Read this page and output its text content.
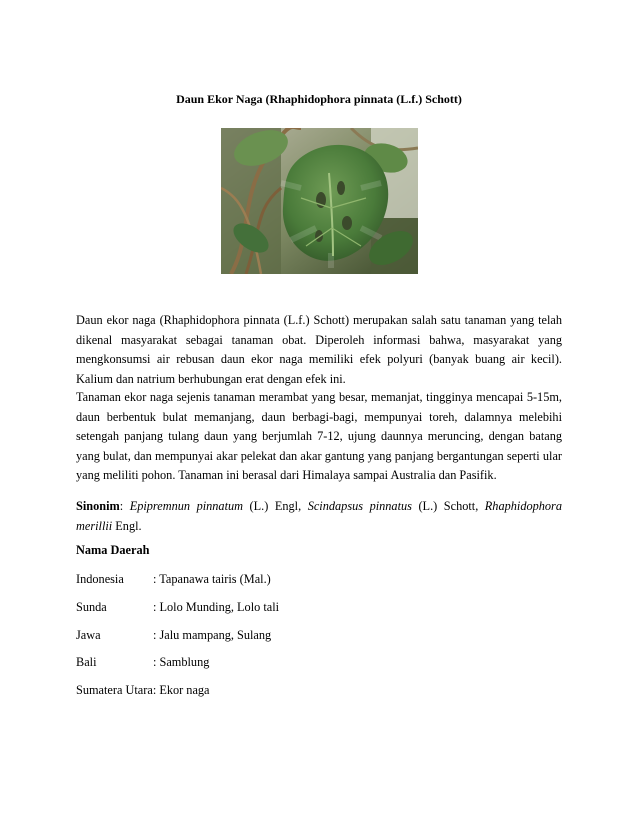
Daun Ekor Naga (Rhaphidophora pinnata (L.f.) Schott)
Daun ekor naga (Rhaphidophora pinnata (L.f.) Schott) merupakan salah satu tanaman yang telah dikenal masyarakat sebagai tanaman obat. Diperoleh informasi bahwa, masyarakat yang mengkonsumsi air rebusan daun ekor naga memiliki efek polyuri (banyak buang air kecil). Kalium dan natrium berhubungan erat dengan efek ini.
Tanaman ekor naga sejenis tanaman merambat yang besar, memanjat, tingginya mencapai 5-15m, daun berbentuk bulat memanjang, daun berbagi-bagi, mempunyai toreh, dalamnya melebihi setengah panjang tulang daun yang berjumlah 7-12, ujung daunnya meruncing, dengan batang yang bulat, dan mempunyai akar pelekat dan akar gantung yang panjang bergantungan seperti ular yang meliliti pohon. Tanaman ini berasal dari Himalaya sampai Australia dan Pasifik.
Sinonim: Epipremnun pinnatum (L.) Engl, Scindapsus pinnatus (L.) Schott, Rhaphidophora merillii Engl.
Nama Daerah
Indonesia : Tapanawa tairis (Mal.)
Sunda	: Lolo Munding, Lolo tali
Jawa	: Jalu mampang, Sulang
Bali	: Samblung
Sumatera Utara: Ekor naga
